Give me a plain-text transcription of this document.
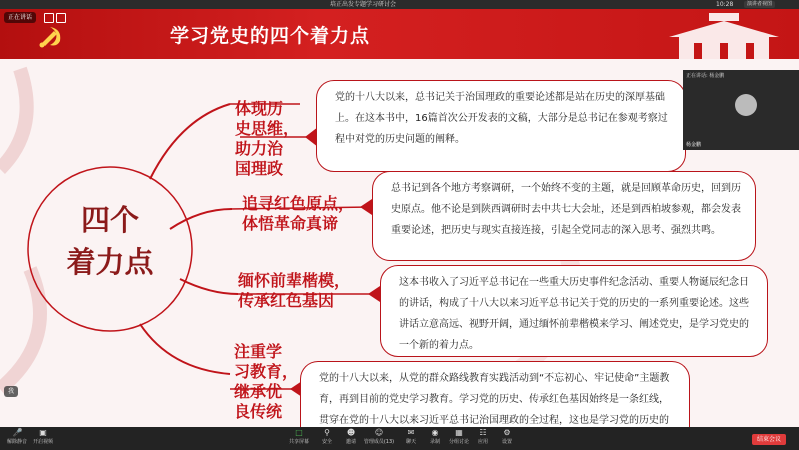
培正出发专题学习研讨会	10:28	演讲者视图
正在讲话
学习党史的四个着力点
四个
着力点
体现历
史思维，
助力治
国理政
党的十八大以来，总书记关于治国理政的重要论述都是站在历史的深厚基础上。在这本书中，16篇首次公开发表的文稿，大部分是总书记在参观考察过程中对党的历史问题的阐释。
追寻红色原点，
体悟革命真谛
总书记到各个地方考察调研，一个始终不变的主题，就是回顾革命历史，回到历史原点。他不论是到陕西调研时去中共七大会址，还是到西柏坡参观，都会发表重要论述，把历史与现实直接连接，引起全党同志的深入思考、强烈共鸣。
缅怀前辈楷模，
传承红色基因
这本书收入了习近平总书记在一些重大历史事件纪念活动、重要人物诞辰纪念日的讲话，构成了十八大以来习近平总书记关于党的历史的一系列重要论述。这些讲话立意高远、视野开阔，通过缅怀前辈楷模来学习、阐述党史，是学习党史的一个新的着力点。
注重学
习教育，
继承优
良传统
党的十八大以来，从党的群众路线教育实践活动到“不忘初心、牢记使命”主题教育，再到目前的党史学习教育。学习党的历史、传承红色基因始终是一条红线，贯穿在党的十八大以来习近平总书记治国理政的全过程，这也是学习党的历史的
我
正在讲话: 杨金鹏
杨金鹏
🎤
解除静音
▣
开启视频
□
共享屏幕
⚲
安全
☻
邀请
☺
管理成员(13)
✉
聊天
◉
录制
▦
分组讨论
☷
应用
⚙
设置	结束会议
